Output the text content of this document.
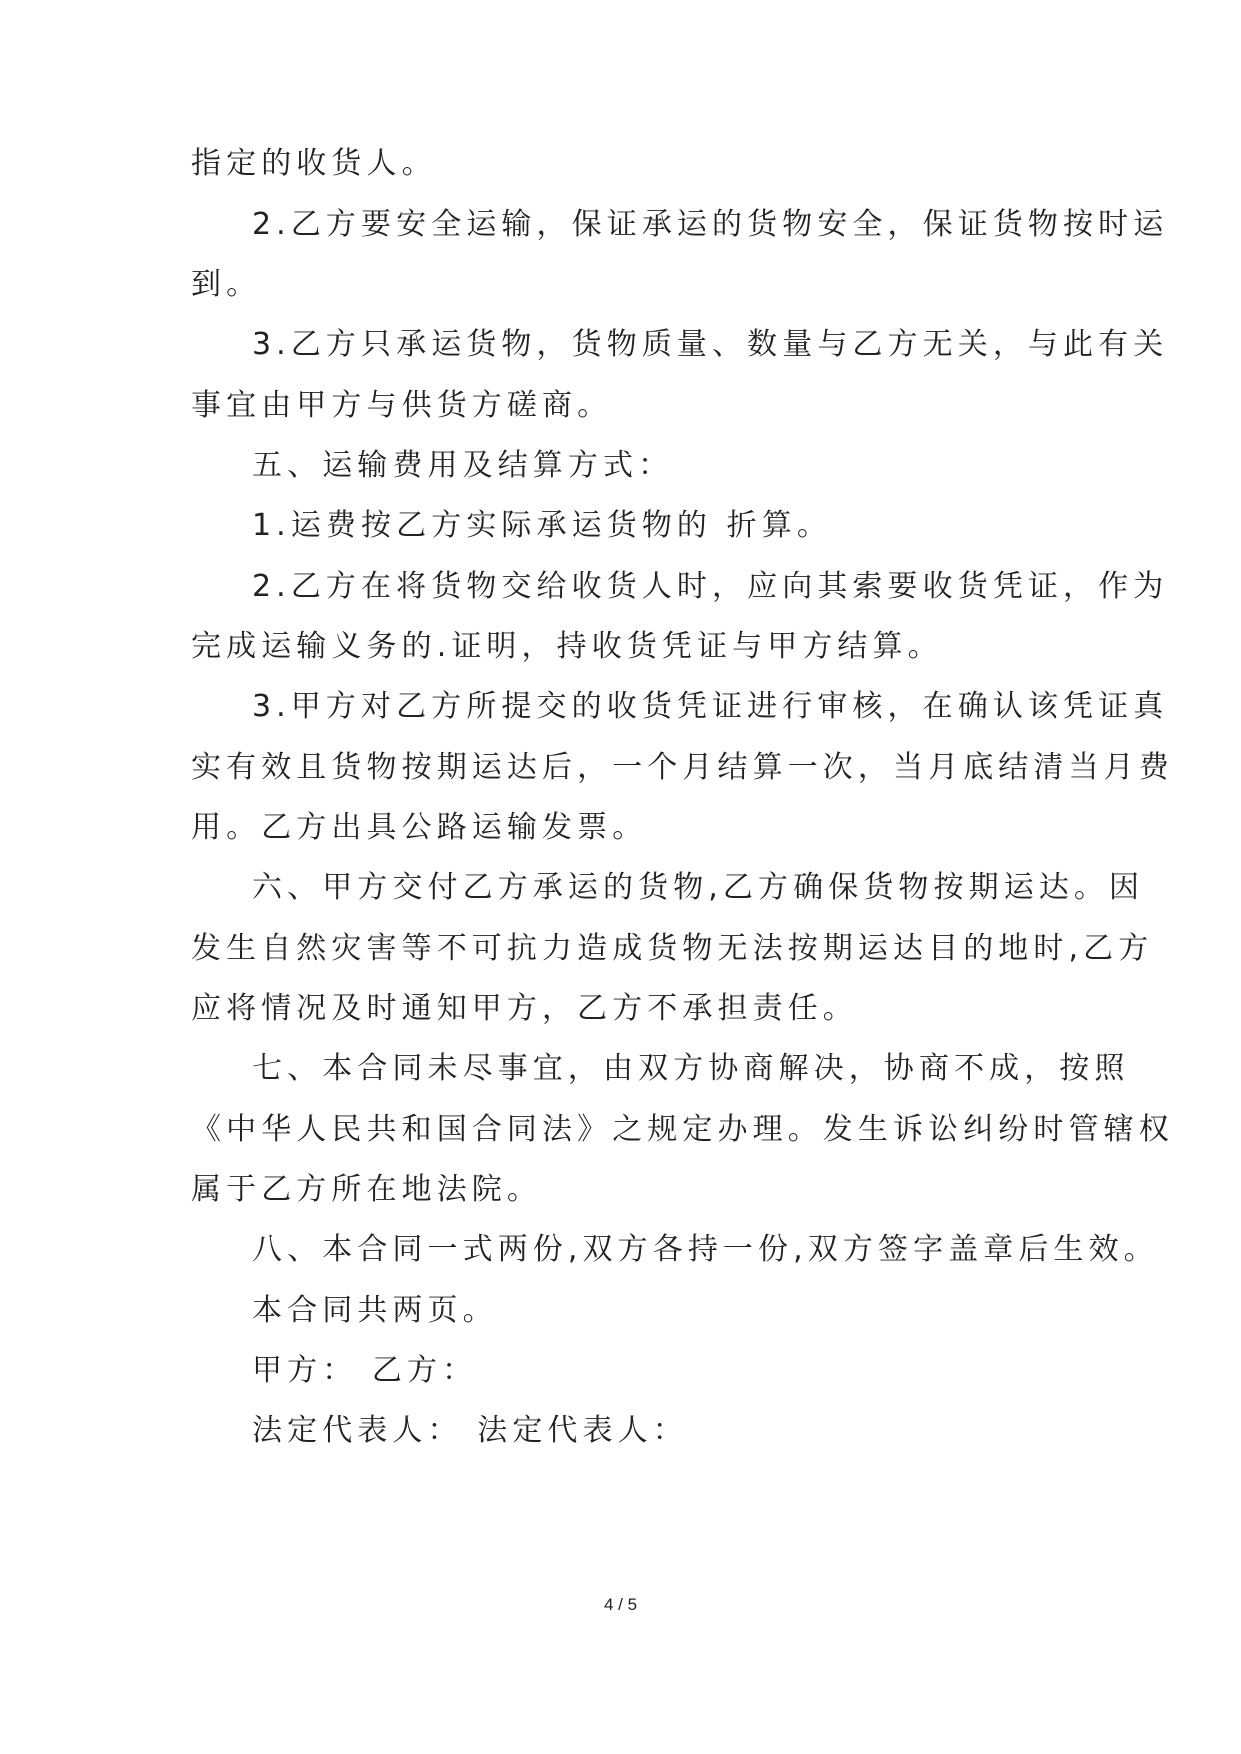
指定的收货人。
2.乙方要安全运输，保证承运的货物安全，保证货物按时运
到。
3.乙方只承运货物，货物质量、数量与乙方无关，与此有关
事宜由甲方与供货方磋商。
五、运输费用及结算方式：
1.运费按乙方实际承运货物的 折算。
2.乙方在将货物交给收货人时，应向其索要收货凭证，作为
完成运输义务的.证明，持收货凭证与甲方结算。
3.甲方对乙方所提交的收货凭证进行审核，在确认该凭证真
实有效且货物按期运达后，一个月结算一次，当月底结清当月费
用。乙方出具公路运输发票。
六、甲方交付乙方承运的货物,乙方确保货物按期运达。因
发生自然灾害等不可抗力造成货物无法按期运达目的地时,乙方
应将情况及时通知甲方，乙方不承担责任。
七、本合同未尽事宜，由双方协商解决，协商不成，按照
《中华人民共和国合同法》之规定办理。发生诉讼纠纷时管辖权
属于乙方所在地法院。
八、本合同一式两份,双方各持一份,双方签字盖章后生效。
本合同共两页。
甲方： 乙方：
法定代表人： 法定代表人：
4 / 5
